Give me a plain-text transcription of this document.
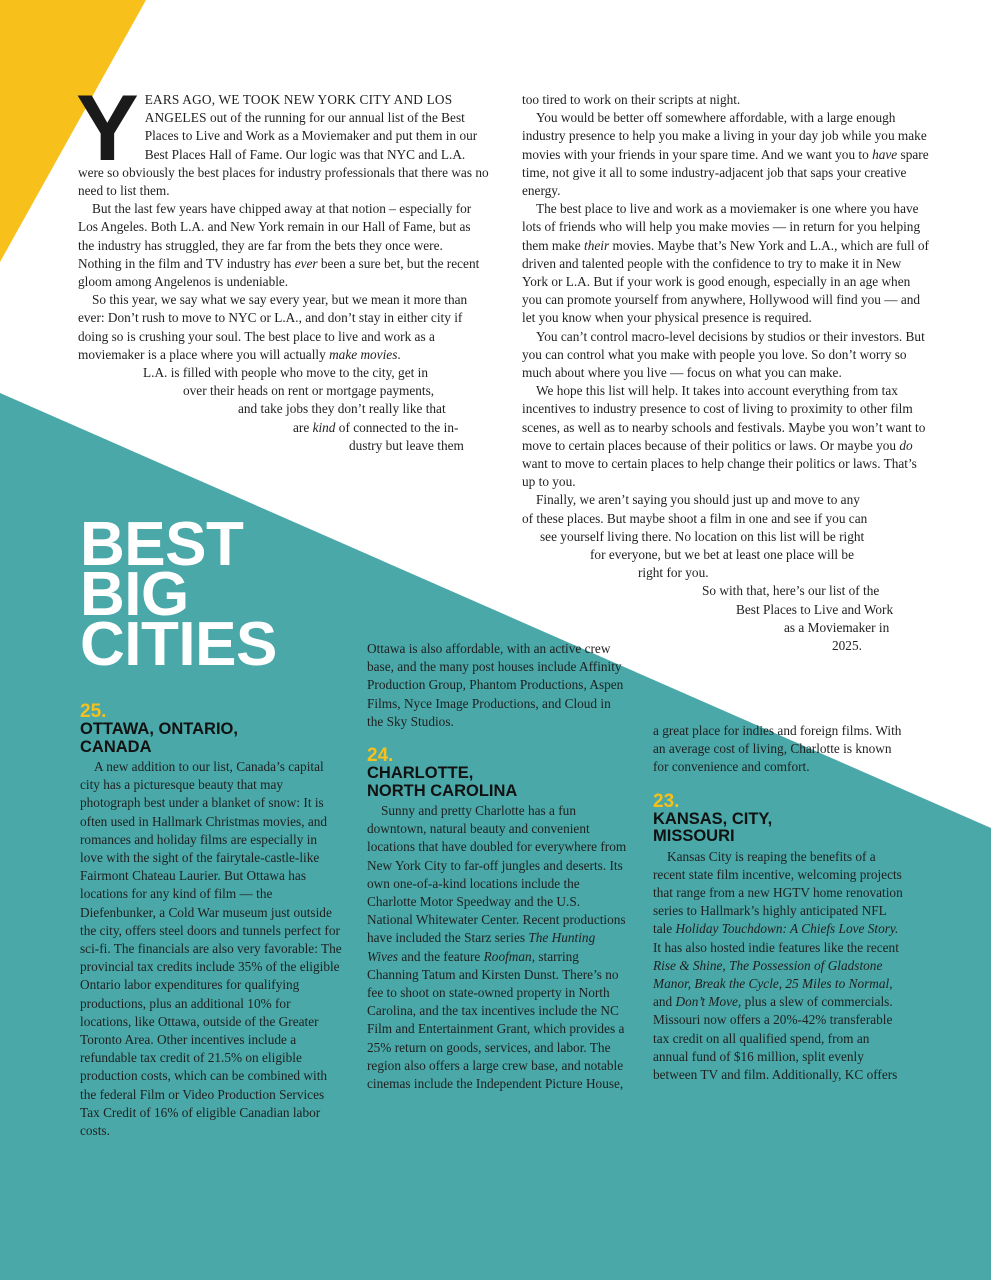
YEARS AGO, WE TOOK NEW YORK CITY AND LOS ANGELES out of the running for our annual list of the Best Places to Live and Work as a Moviemaker and put them in our Best Places Hall of Fame. Our logic was that NYC and L.A. were so obviously the best places for industry professionals that there was no need to list them.

But the last few years have chipped away at that notion – especially for Los Angeles. Both L.A. and New York remain in our Hall of Fame, but as the industry has struggled, they are far from the bets they once were. Nothing in the film and TV industry has ever been a sure bet, but the recent gloom among Angelenos is undeniable.

So this year, we say what we say every year, but we mean it more than ever: Don’t rush to move to NYC or L.A., and don’t stay in either city if doing so is crushing your soul. The best place to live and work as a moviemaker is a place where you will actually make movies.

L.A. is filled with people who move to the city, get in

over their heads on rent or mortgage payments,

and take jobs they don’t really like that

are kind of connected to the in-

dustry but leave them

too tired to work on their scripts at night.

You would be better off somewhere affordable, with a large enough industry presence to help you make a living in your day job while you make movies with your friends in your spare time. And we want you to have spare time, not give it all to some industry-adjacent job that saps your creative energy.

The best place to live and work as a moviemaker is one where you have lots of friends who will help you make movies — in return for you helping them make their movies. Maybe that’s New York and L.A., which are full of driven and talented people with the confidence to try to make it in New York or L.A. But if your work is good enough, especially in an age when you can promote yourself from anywhere, Hollywood will find you — and let you know when your physical presence is required.

You can’t control macro-level decisions by studios or their investors. But you can control what you make with people you love. So don’t worry so much about where you live — focus on what you can make.

We hope this list will help. It takes into account everything from tax incentives to industry presence to cost of living to proximity to other film scenes, as well as to nearby schools and festivals. Maybe you won’t want to move to certain places because of their politics or laws. Or maybe you do want to move to certain places to help change their politics or laws. That’s up to you.

Finally, we aren’t saying you should just up and move to any

of these places. But maybe shoot a film in one and see if you can

see yourself living there. No location on this list will be right

for everyone, but we bet at least one place will be

right for you.

So with that, here’s our list of the

Best Places to Live and Work

as a Moviemaker in

2025.

BEST
BIG
CITIES
25.
OTTAWA, ONTARIO,
CANADA

A new addition to our list, Canada’s capital city has a picturesque beauty that may photograph best under a blanket of snow: It is often used in Hallmark Christmas movies, and romances and holiday films are especially in love with the sight of the fairytale-castle-like Fairmont Chateau Laurier. But Ottawa has locations for any kind of film — the Diefenbunker, a Cold War museum just outside the city, offers steel doors and tunnels perfect for sci-fi. The financials are also very favorable: The provincial tax credits include 35% of the eligible Ontario labor expenditures for qualifying productions, plus an additional 10% for locations, like Ottawa, outside of the Greater Toronto Area. Other incentives include a refundable tax credit of 21.5% on eligible production costs, which can be combined with the federal Film or Video Production Services Tax Credit of 16% of eligible Canadian labor costs.

Ottawa is also affordable, with an active crew base, and the many post houses include Affinity Production Group, Phantom Productions, Aspen Films, Nyce Image Productions, and Cloud in the Sky Studios.

24.
CHARLOTTE,
NORTH CAROLINA

Sunny and pretty Charlotte has a fun downtown, natural beauty and convenient locations that have doubled for everywhere from New York City to far-off jungles and deserts. Its own one-of-a-kind locations include the Charlotte Motor Speedway and the U.S. National Whitewater Center. Recent productions have included the Starz series The Hunting Wives and the feature Roofman, starring Channing Tatum and Kirsten Dunst. There’s no fee to shoot on state-owned property in North Carolina, and the tax incentives include the NC Film and Entertainment Grant, which provides a 25% return on goods, services, and labor. The region also offers a large crew base, and notable cinemas include the Independent Picture House,

a great place for indies and foreign films. With an average cost of living, Charlotte is known for convenience and comfort.

23.
KANSAS, CITY,
MISSOURI

Kansas City is reaping the benefits of a recent state film incentive, welcoming projects that range from a new HGTV home renovation series to Hallmark’s highly anticipated NFL tale Holiday Touchdown: A Chiefs Love Story. It has also hosted indie features like the recent Rise & Shine, The Possession of Gladstone Manor, Break the Cycle, 25 Miles to Normal, and Don’t Move, plus a slew of commercials. Missouri now offers a 20%-42% transferable tax credit on all qualified spend, from an annual fund of $16 million, split evenly between TV and film. Additionally, KC offers
